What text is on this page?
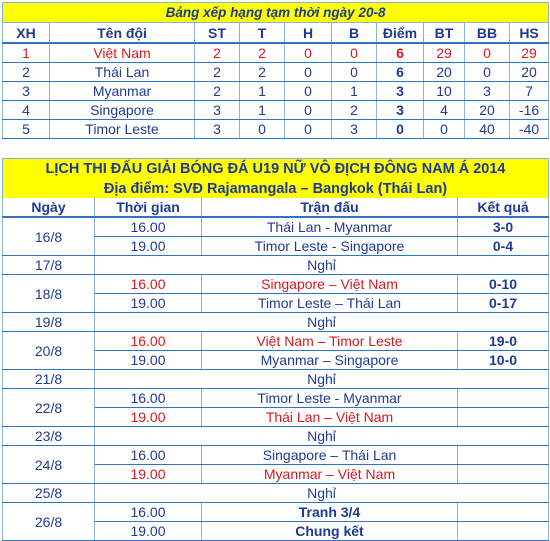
Bảng xếp hạng tạm thời ngày 20-8									
XH	Tên đội	ST	T	H	B	Điểm	BT	BB	HS
1	Việt Nam	2	2	0	0	6	29	0	29
2	Thái Lan	2	2	0	0	6	20	0	20
3	Myanmar	2	1	0	1	3	10	3	7
4	Singapore	3	1	0	2	3	4	20	-16
5	Timor Leste	3	0	0	3	0	0	40	-40
LỊCH THI ĐẤU GIẢI BÓNG ĐÁ U19 NỮ VÔ ĐỊCH ĐÔNG NAM Á 2014			
Địa điểm: SVĐ Rajamangala – Bangkok (Thái Lan)			
Ngày	Thời gian	Trận đấu	Kết quả
16/8	16.00	Thái Lan - Myanmar	3-0
	19.00	Timor Leste - Singapore	0-4
17/8	Nghỉ		
18/8	16.00	Singapore – Việt Nam	0-10
	19.00	Timor Leste – Thái Lan	0-17
19/8	Nghỉ		
20/8	16.00	Việt Nam – Timor Leste	19-0
	19.00	Myanmar – Singapore	10-0
21/8	Nghỉ		
22/8	16.00	Timor Leste - Myanmar	
	19.00	Thái Lan – Việt Nam	
23/8	Nghỉ		
24/8	16.00	Singapore – Thái Lan	
	19.00	Myanmar – Việt Nam	
25/8	Nghỉ		
26/8	16.00	Tranh 3/4	
	19.00	Chung kết	
